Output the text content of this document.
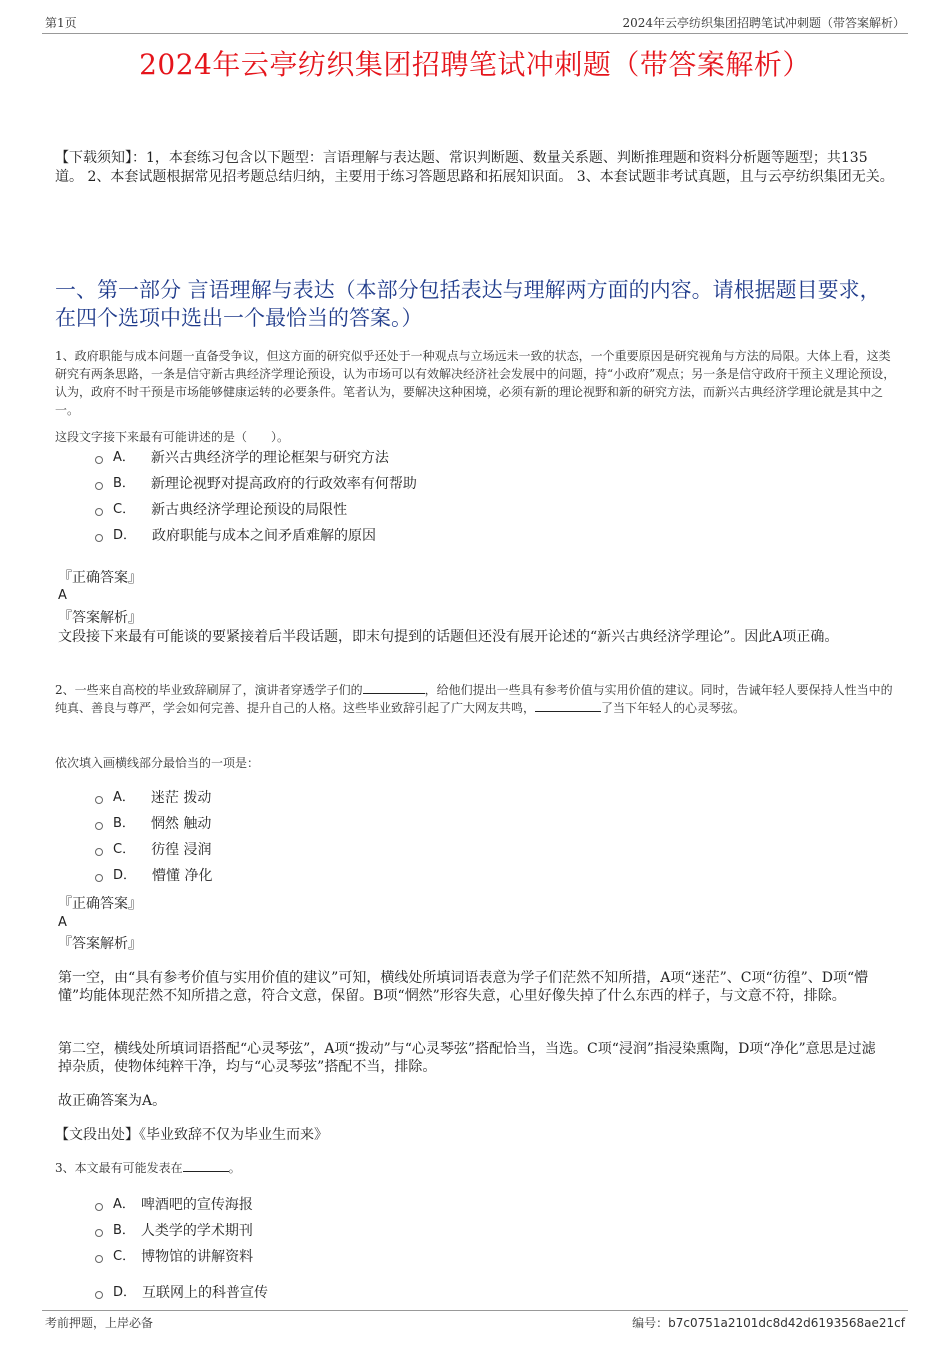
第1页	2024年云亭纺织集团招聘笔试冲刺题（带答案解析）
2024年云亭纺织集团招聘笔试冲刺题（带答案解析）
【下载须知】：1，本套练习包含以下题型：言语理解与表达题、常识判断题、数量关系题、判断推理题和资料分析题等题型；共135道。 2、本套试题根据常见招考题总结归纳，主要用于练习答题思路和拓展知识面。 3、本套试题非考试真题，且与云亭纺织集团无关。
一、第一部分 言语理解与表达（本部分包括表达与理解两方面的内容。请根据题目要求，在四个选项中选出一个最恰当的答案。）
1、政府职能与成本问题一直备受争议，但这方面的研究似乎还处于一种观点与立场远未一致的状态，一个重要原因是研究视角与方法的局限。大体上看，这类研究有两条思路，一条是信守新古典经济学理论预设，认为市场可以有效解决经济社会发展中的问题，持“小政府”观点；另一条是信守政府干预主义理论预设，认为，政府不时干预是市场能够健康运转的必要条件。笔者认为，要解决这种困境，必须有新的理论视野和新的研究方法，而新兴古典经济学理论就是其中之一。
这段文字接下来最有可能讲述的是（　　）。
A． 新兴古典经济学的理论框架与研究方法
B． 新理论视野对提高政府的行政效率有何帮助
C． 新古典经济学理论预设的局限性
D． 政府职能与成本之间矛盾难解的原因
『正确答案』
A
『答案解析』
文段接下来最有可能谈的要紧接着后半段话题，即末句提到的话题但还没有展开论述的“新兴古典经济学理论”。因此A项正确。
2、一些来自高校的毕业致辞刷屏了，演讲者穿透学子们的	，给他们提出一些具有参考价值与实用价值的建议。同时，告诫年轻人要保持人性当中的纯真、善良与尊严，学会如何完善、提升自己的人格。这些毕业致辞引起了广大网友共鸣，	了当下年轻人的心灵琴弦。
依次填入画横线部分最恰当的一项是：
A． 迷茫 拨动
B． 惘然 触动
C． 彷徨 浸润
D． 懵懂 净化
『正确答案』
A
『答案解析』
第一空，由“具有参考价值与实用价值的建议”可知，横线处所填词语表意为学子们茫然不知所措，A项“迷茫”、C项“彷徨”、D项“懵懂”均能体现茫然不知所措之意，符合文意，保留。B项“惘然”形容失意，心里好像失掉了什么东西的样子，与文意不符，排除。
第二空，横线处所填词语搭配“心灵琴弦”，A项“拨动”与“心灵琴弦”搭配恰当，当选。C项“浸润”指浸染熏陶，D项“净化”意思是过滤掉杂质，使物体纯粹干净，均与“心灵琴弦”搭配不当，排除。
故正确答案为A。
【文段出处】《毕业致辞不仅为毕业生而来》
3、本文最有可能发表在	。
A． 啤酒吧的宣传海报
B． 人类学的学术期刊
C． 博物馆的讲解资料
D． 互联网上的科普宣传
考前押题，上岸必备	编号：b7c0751a2101dc8d42d6193568ae21cf
